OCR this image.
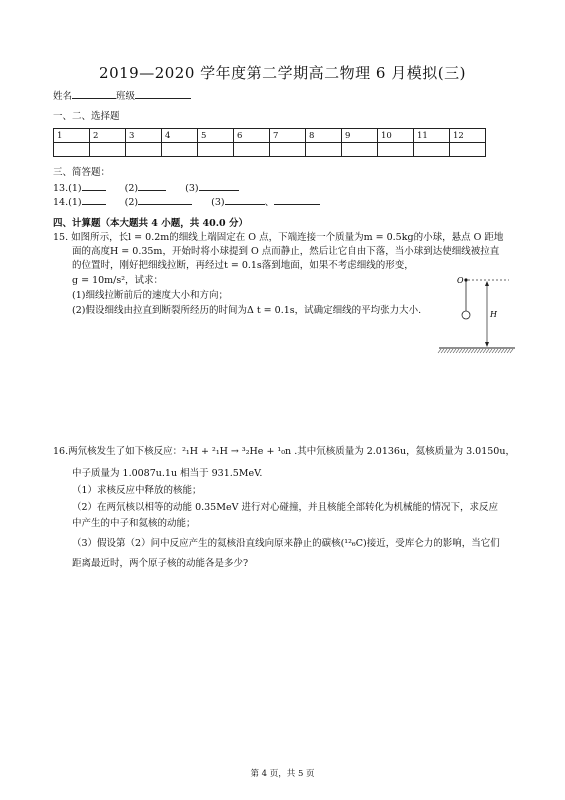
2019—2020 学年度第二学期高二物理 6 月模拟(三)
姓名	班级
一、二、选择题
1	2	3	4	5	6	7	8	9	10	11	12

三、简答题：
13.(1)	(2)	(3)
14.(1)	(2)	(3)	、
四、计算题（本大题共 4 小题，共 40.0 分）
15. 如图所示，长l = 0.2m的细线上端固定在 O 点，下端连接一个质量为m = 0.5kg的小球，悬点 O 距地
面的高度H = 0.35m，开始时将小球提到 O 点而静止，然后让它自由下落，当小球到达使细线被拉直
的位置时，刚好把细线拉断，再经过t = 0.1s落到地面，如果不考虑细线的形变，
g = 10m/s²，试求：
(1)细线拉断前后的速度大小和方向；
(2)假设细线由拉直到断裂所经历的时间为Δ t = 0.1s，试确定细线的平均张力大小.
O
H
16.两氘核发生了如下核反应：²₁H + ²₁H → ³₂He + ¹₀n .其中氘核质量为 2.0136u，氦核质量为 3.0150u，
中子质量为 1.0087u.1u 相当于 931.5MeV.
（1）求核反应中释放的核能；
（2）在两氘核以相等的动能 0.35MeV 进行对心碰撞，并且核能全部转化为机械能的情况下，求反应
中产生的中子和氦核的动能；
（3）假设第（2）问中反应产生的氦核沿直线向原来静止的碳核(¹²₆C)接近，受库仑力的影响，当它们
距离最近时，两个原子核的动能各是多少?
第 4 页，共 5 页
